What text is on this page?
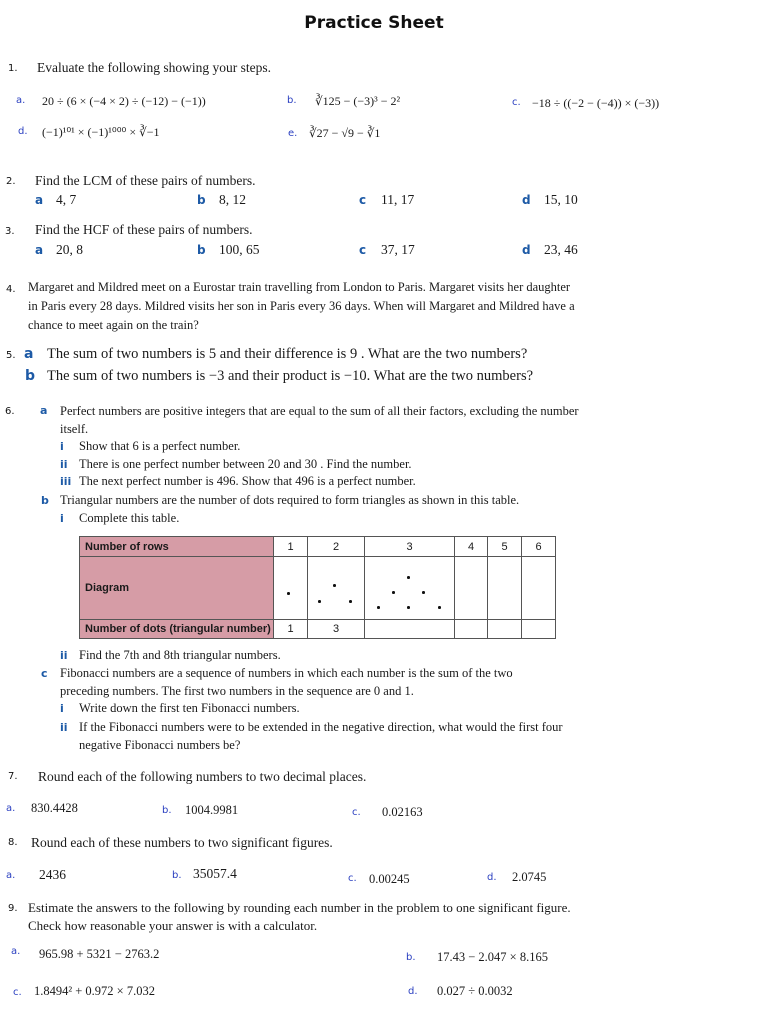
Practice Sheet
1. Evaluate the following showing your steps.
a. 20 ÷ (6 × (−4 × 2) ÷ (−12) − (−1))	b. ∛125 − (−3)³ − 2²	c. −18 ÷ ((−2 − (−4)) × (−3))
d. (−1)¹⁰¹ × (−1)¹⁰⁰⁰ × ∛−1	e. ∛27 − √9 − ∛1
2. Find the LCM of these pairs of numbers.
a 4, 7	b 8, 12	c 11, 17	d 15, 10
3. Find the HCF of these pairs of numbers.
a 20, 8	b 100, 65	c 37, 17	d 23, 46
4. Margaret and Mildred meet on a Eurostar train travelling from London to Paris. Margaret visits her daughter in Paris every 28 days. Mildred visits her son in Paris every 36 days. When will Margaret and Mildred have a chance to meet again on the train?
5. a The sum of two numbers is 5 and their difference is 9 . What are the two numbers?
b The sum of two numbers is −3 and their product is −10. What are the two numbers?
6. a Perfect numbers are positive integers that are equal to the sum of all their factors, excluding the number itself.
i Show that 6 is a perfect number.
ii There is one perfect number between 20 and 30 . Find the number.
iii The next perfect number is 496. Show that 496 is a perfect number.
b Triangular numbers are the number of dots required to form triangles as shown in this table.
i Complete this table.
Number of rows	1	2	3	4	5	6
Diagram						
Number of dots (triangular number)	1	3				
ii Find the 7th and 8th triangular numbers.
c Fibonacci numbers are a sequence of numbers in which each number is the sum of the two preceding numbers. The first two numbers in the sequence are 0 and 1.
i Write down the first ten Fibonacci numbers.
ii If the Fibonacci numbers were to be extended in the negative direction, what would the first four negative Fibonacci numbers be?
7. Round each of the following numbers to two decimal places.
a. 830.4428	b. 1004.9981	c. 0.02163
8. Round each of these numbers to two significant figures.
a. 2436	b. 35057.4	c. 0.00245	d. 2.0745
9. Estimate the answers to the following by rounding each number in the problem to one significant figure. Check how reasonable your answer is with a calculator.
a. 965.98 + 5321 − 2763.2	b. 17.43 − 2.047 × 8.165
c. 1.8494² + 0.972 × 7.032	d. 0.027 ÷ 0.0032
